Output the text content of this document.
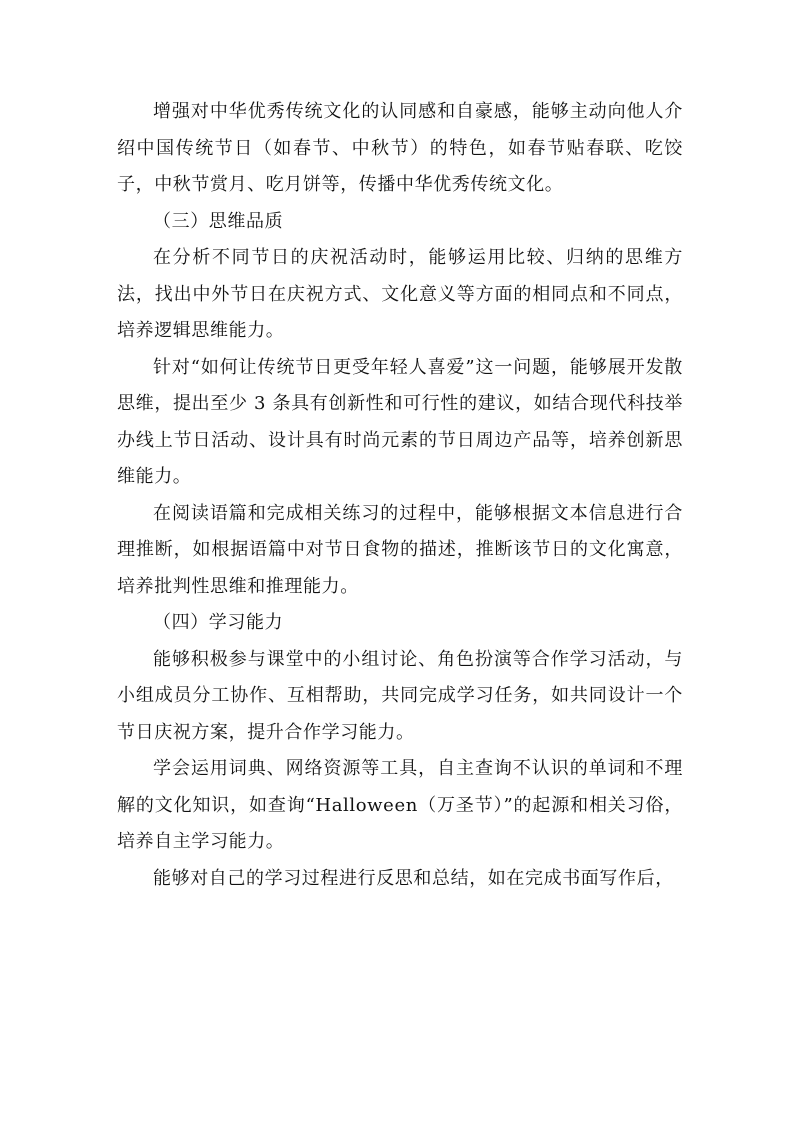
增强对中华优秀传统文化的认同感和自豪感，能够主动向他人介绍中国传统节日（如春节、中秋节）的特色，如春节贴春联、吃饺子，中秋节赏月、吃月饼等，传播中华优秀传统文化。

（三）思维品质

在分析不同节日的庆祝活动时，能够运用比较、归纳的思维方法，找出中外节日在庆祝方式、文化意义等方面的相同点和不同点，培养逻辑思维能力。

针对“如何让传统节日更受年轻人喜爱”这一问题，能够展开发散思维，提出至少 3 条具有创新性和可行性的建议，如结合现代科技举办线上节日活动、设计具有时尚元素的节日周边产品等，培养创新思维能力。

在阅读语篇和完成相关练习的过程中，能够根据文本信息进行合理推断，如根据语篇中对节日食物的描述，推断该节日的文化寓意，培养批判性思维和推理能力。

（四）学习能力

能够积极参与课堂中的小组讨论、角色扮演等合作学习活动，与小组成员分工协作、互相帮助，共同完成学习任务，如共同设计一个节日庆祝方案，提升合作学习能力。

学会运用词典、网络资源等工具，自主查询不认识的单词和不理解的文化知识，如查询“Halloween（万圣节）”的起源和相关习俗，培养自主学习能力。

能够对自己的学习过程进行反思和总结，如在完成书面写作后，
